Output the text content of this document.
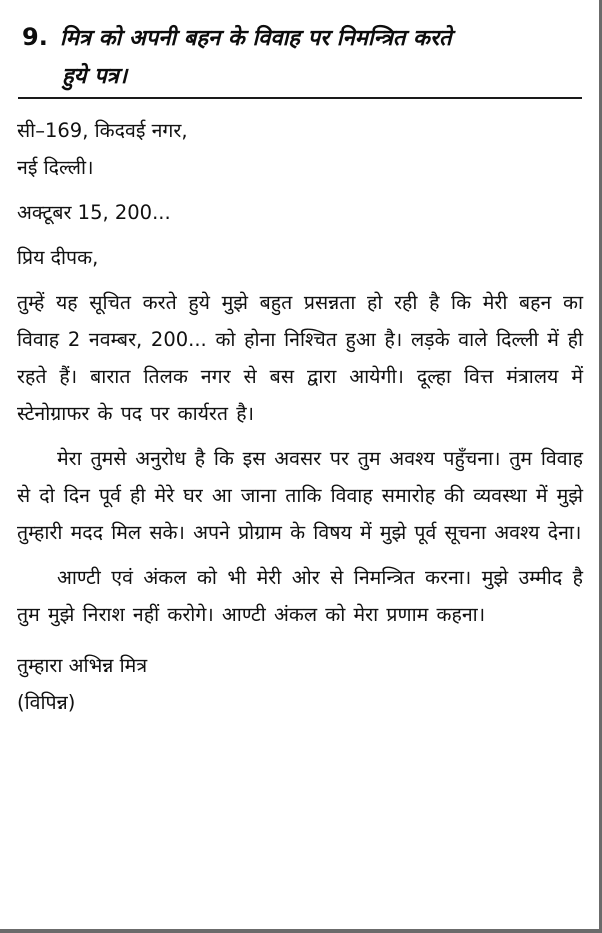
9. मित्र को अपनी बहन के विवाह पर निमन्त्रित करते
हुये पत्र।
सी–169, किदवई नगर,
नई दिल्ली।
अक्टूबर 15, 200...
प्रिय दीपक,

तुम्हें यह सूचित करते हुये मुझे बहुत प्रसन्नता हो रही है कि मेरी बहन का विवाह 2 नवम्बर, 200... को होना निश्चित हुआ है। लड़के वाले दिल्ली में ही रहते हैं। बारात तिलक नगर से बस द्वारा आयेगी। दूल्हा वित्त मंत्रालय में स्टेनोग्राफर के पद पर कार्यरत है।

मेरा तुमसे अनुरोध है कि इस अवसर पर तुम अवश्य पहुँचना। तुम विवाह से दो दिन पूर्व ही मेरे घर आ जाना ताकि विवाह समारोह की व्यवस्था में मुझे तुम्हारी मदद मिल सके। अपने प्रोग्राम के विषय में मुझे पूर्व सूचना अवश्य देना।

आण्टी एवं अंकल को भी मेरी ओर से निमन्त्रित करना। मुझे उम्मीद है तुम मुझे निराश नहीं करोगे। आण्टी अंकल को मेरा प्रणाम कहना।

तुम्हारा अभिन्न मित्र
(विपिन्न)
